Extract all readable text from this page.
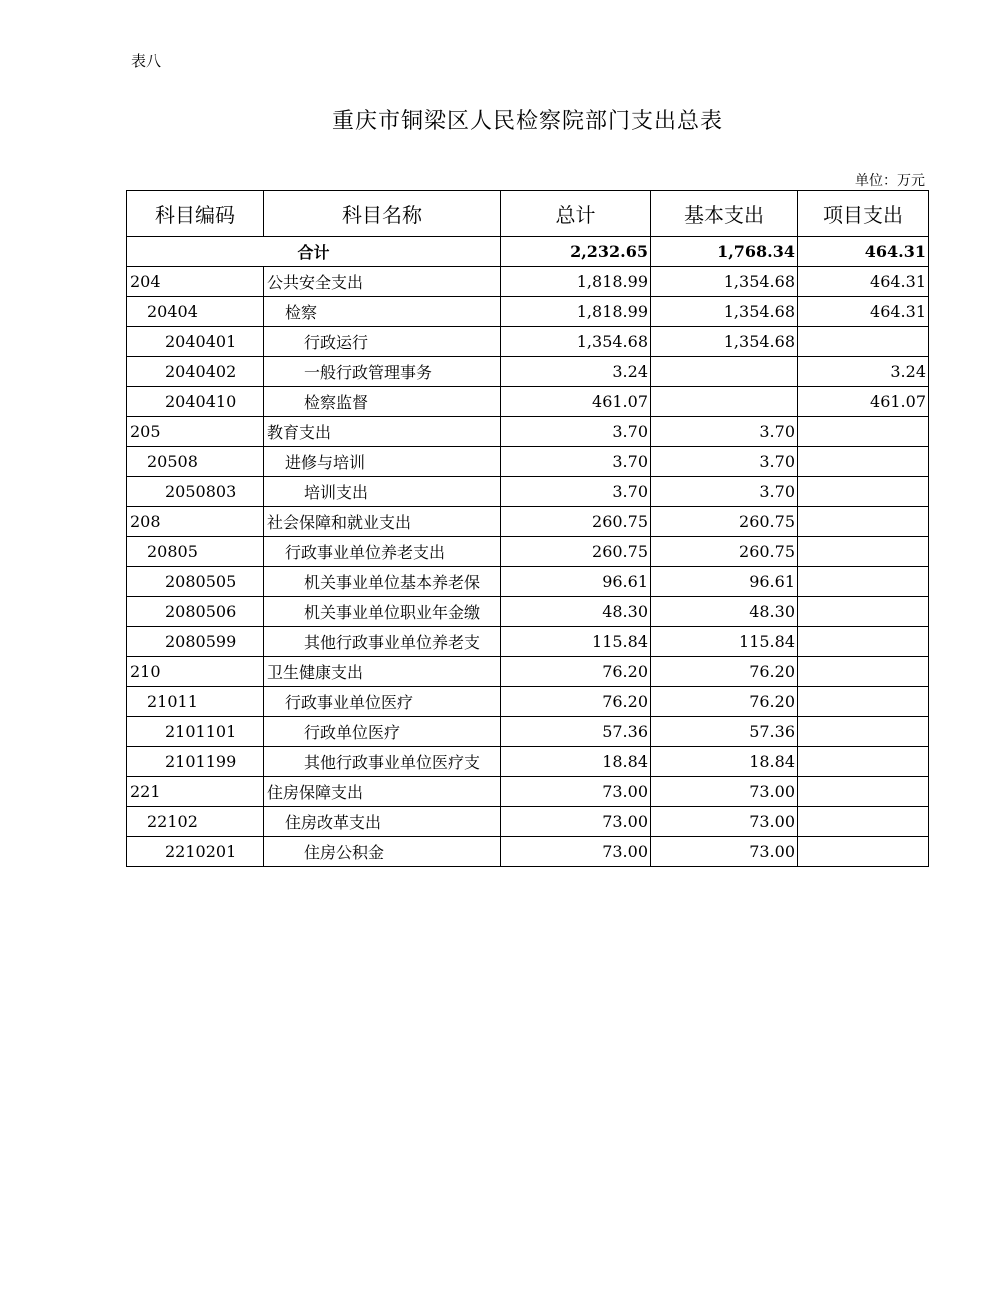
表八
重庆市铜梁区人民检察院部门支出总表
单位：万元
科目编码	科目名称	总计	基本支出	项目支出
合计		2,232.65	1,768.34	464.31
204	公共安全支出	1,818.99	1,354.68	464.31
20404	检察	1,818.99	1,354.68	464.31
2040401	行政运行	1,354.68	1,354.68	
2040402	一般行政管理事务	3.24		3.24
2040410	检察监督	461.07		461.07
205	教育支出	3.70	3.70	
20508	进修与培训	3.70	3.70	
2050803	培训支出	3.70	3.70	
208	社会保障和就业支出	260.75	260.75	
20805	行政事业单位养老支出	260.75	260.75	
2080505	机关事业单位基本养老保	96.61	96.61	
2080506	机关事业单位职业年金缴	48.30	48.30	
2080599	其他行政事业单位养老支	115.84	115.84	
210	卫生健康支出	76.20	76.20	
21011	行政事业单位医疗	76.20	76.20	
2101101	行政单位医疗	57.36	57.36	
2101199	其他行政事业单位医疗支	18.84	18.84	
221	住房保障支出	73.00	73.00	
22102	住房改革支出	73.00	73.00	
2210201	住房公积金	73.00	73.00	
